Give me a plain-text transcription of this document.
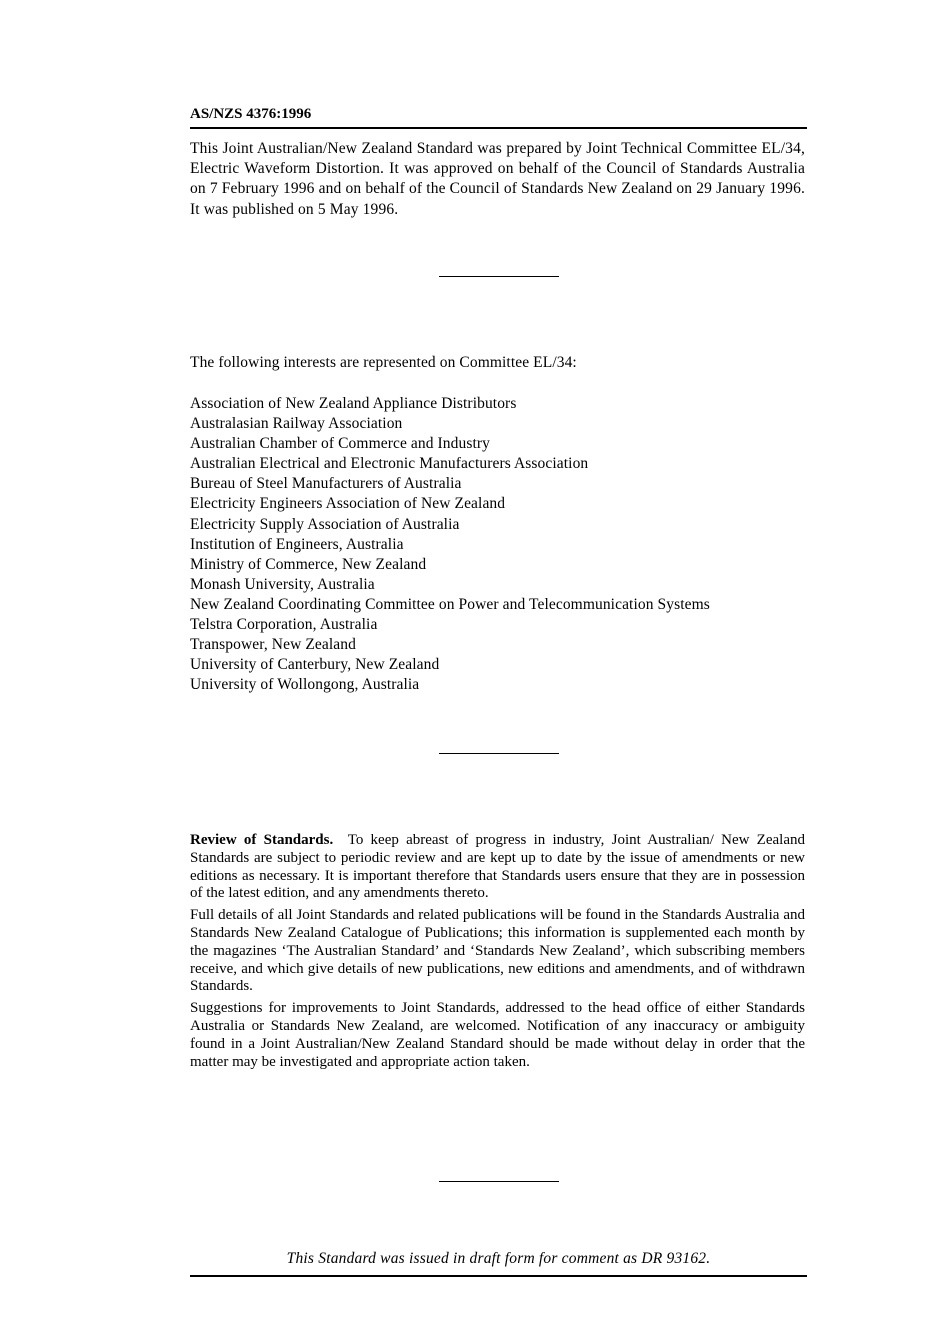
AS/NZS 4376:1996

This Joint Australian/New Zealand Standard was prepared by Joint Technical Committee EL/34, Electric Waveform Distortion. It was approved on behalf of the Council of Standards Australia on 7 February 1996 and on behalf of the Council of Standards New Zealand on 29 January 1996. It was published on 5 May 1996.

The following interests are represented on Committee EL/34:

Association of New Zealand Appliance Distributors
Australasian Railway Association
Australian Chamber of Commerce and Industry
Australian Electrical and Electronic Manufacturers Association
Bureau of Steel Manufacturers of Australia
Electricity Engineers Association of New Zealand
Electricity Supply Association of Australia
Institution of Engineers, Australia
Ministry of Commerce, New Zealand
Monash University, Australia
New Zealand Coordinating Committee on Power and Telecommunication Systems
Telstra Corporation, Australia
Transpower, New Zealand
University of Canterbury, New Zealand
University of Wollongong, Australia

Review of Standards. To keep abreast of progress in industry, Joint Australian/ New Zealand Standards are subject to periodic review and are kept up to date by the issue of amendments or new editions as necessary. It is important therefore that Standards users ensure that they are in possession of the latest edition, and any amendments thereto.

Full details of all Joint Standards and related publications will be found in the Standards Australia and Standards New Zealand Catalogue of Publications; this information is supplemented each month by the magazines ‘The Australian Standard’ and ‘Standards New Zealand’, which subscribing members receive, and which give details of new publications, new editions and amendments, and of withdrawn Standards.

Suggestions for improvements to Joint Standards, addressed to the head office of either Standards Australia or Standards New Zealand, are welcomed. Notification of any inaccuracy or ambiguity found in a Joint Australian/New Zealand Standard should be made without delay in order that the matter may be investigated and appropriate action taken.

This Standard was issued in draft form for comment as DR 93162.
